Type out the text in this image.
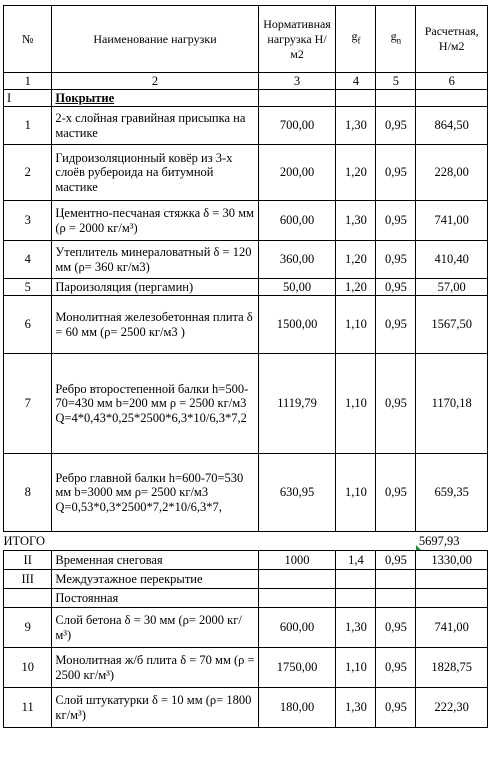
№	Наименование нагрузки	Нормативная нагрузка Н/м2	$g_f$	$g_n$	Расчетная, Н/м2
1	2	3	4	5	6
I	Покрытие				
1	2-х слойная гравийная присыпка на мастике	700,00	1,30	0,95	864,50
2	Гидроизоляционный ковёр из 3-х слоёв рубероида на битумной мастике	200,00	1,20	0,95	228,00
3	Цементно-песчаная стяжка δ = 30 мм (ρ = 2000 кг/м³)	600,00	1,30	0,95	741,00
4	Утеплитель минераловатный δ = 120 мм (ρ= 360 кг/м3)	360,00	1,20	0,95	410,40
5	Пароизоляция (пергамин)	50,00	1,20	0,95	57,00
6	Монолитная железобетонная плита δ = 60 мм (ρ= 2500 кг/м3 )	1500,00	1,10	0,95	1567,50
7	Ребро второстепенной балки h=500-70=430 мм b=200 мм ρ = 2500 кг/м3 Q=4*0,43*0,25*2500*6,3*10/6,3*7,2	1119,79	1,10	0,95	1170,18
8	Ребро главной балки h=600-70=530 мм b=3000 мм ρ= 2500 кг/м3 Q=0,53*0,3*2500*7,2*10/6,3*7,	630,95	1,10	0,95	659,35
ИТОГО					5697,93
II	Временная снеговая	1000	1,4	0,95	1330,00
III	Междуэтажное перекрытие				
	Постоянная				
9	Слой бетона δ = 30 мм (ρ= 2000 кг/м³)	600,00	1,30	0,95	741,00
10	Монолитная ж/б плита δ = 70 мм (ρ = 2500 кг/м³)	1750,00	1,10	0,95	1828,75
11	Слой штукатурки δ = 10 мм (ρ= 1800 кг/м³)	180,00	1,30	0,95	222,30
